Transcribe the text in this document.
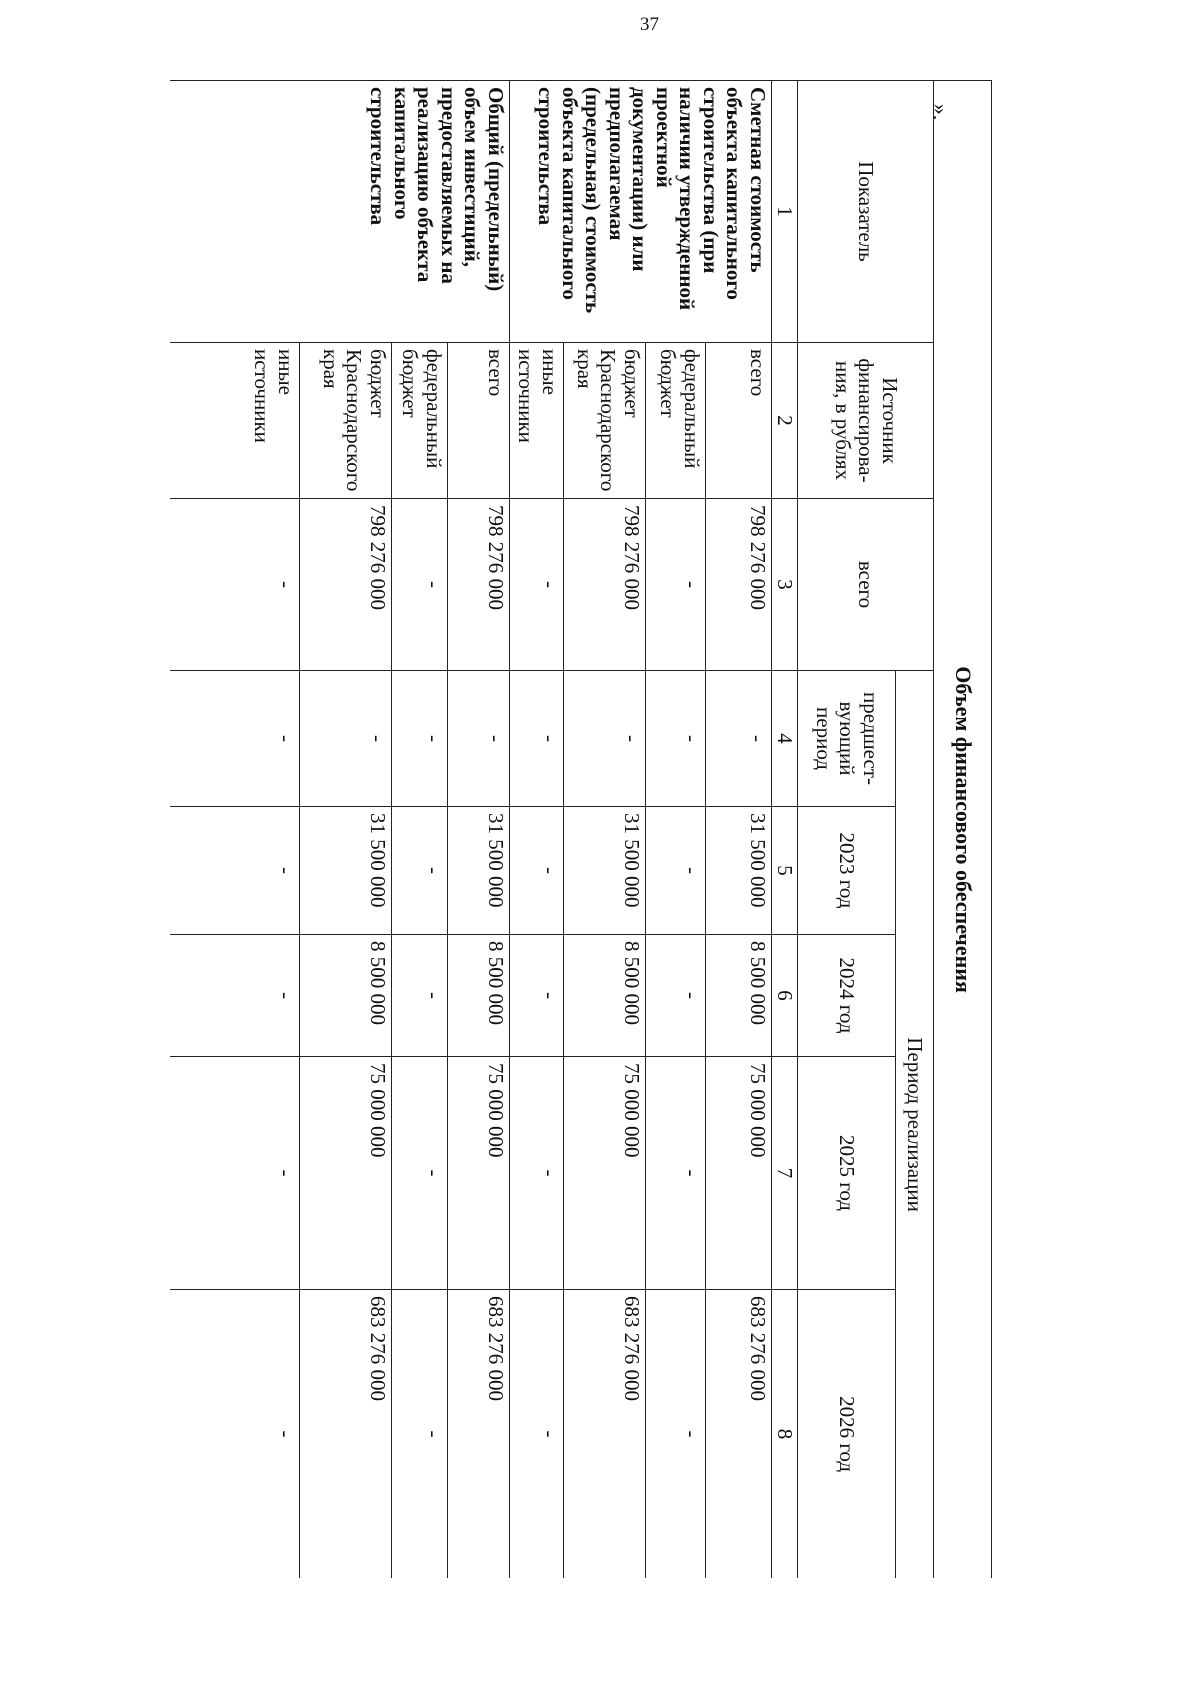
37
».
Объем финансового обеспечения							
Показатель	Источник финансирова-ния, в рублях	всего	Период реализации				
			предшест-вующий период	2023 год	2024 год	2025 год	2026 год
1	2	3	4	5	6	7	8
Сметная стоимость объекта капитального строительства (при наличии утвержденной проектной документации) или предполагаемая (предельная) стоимость объекта капитального строительства	всего	798 276 000	-	31 500 000	8 500 000	75 000 000	683 276 000
	федеральный бюджет	-	-	-	-	-	-
	бюджет Краснодарского края	798 276 000	-	31 500 000	8 500 000	75 000 000	683 276 000
	иные источники	-	-	-	-	-	-
Общий (предельный) объем инвестиций, предоставляемых на реализацию объекта капитального строительства	всего	798 276 000	-	31 500 000	8 500 000	75 000 000	683 276 000
	федеральный бюджет	-	-	-	-	-	-
	бюджет Краснодарского края	798 276 000	-	31 500 000	8 500 000	75 000 000	683 276 000
	иные источники	-	-	-	-	-	-
